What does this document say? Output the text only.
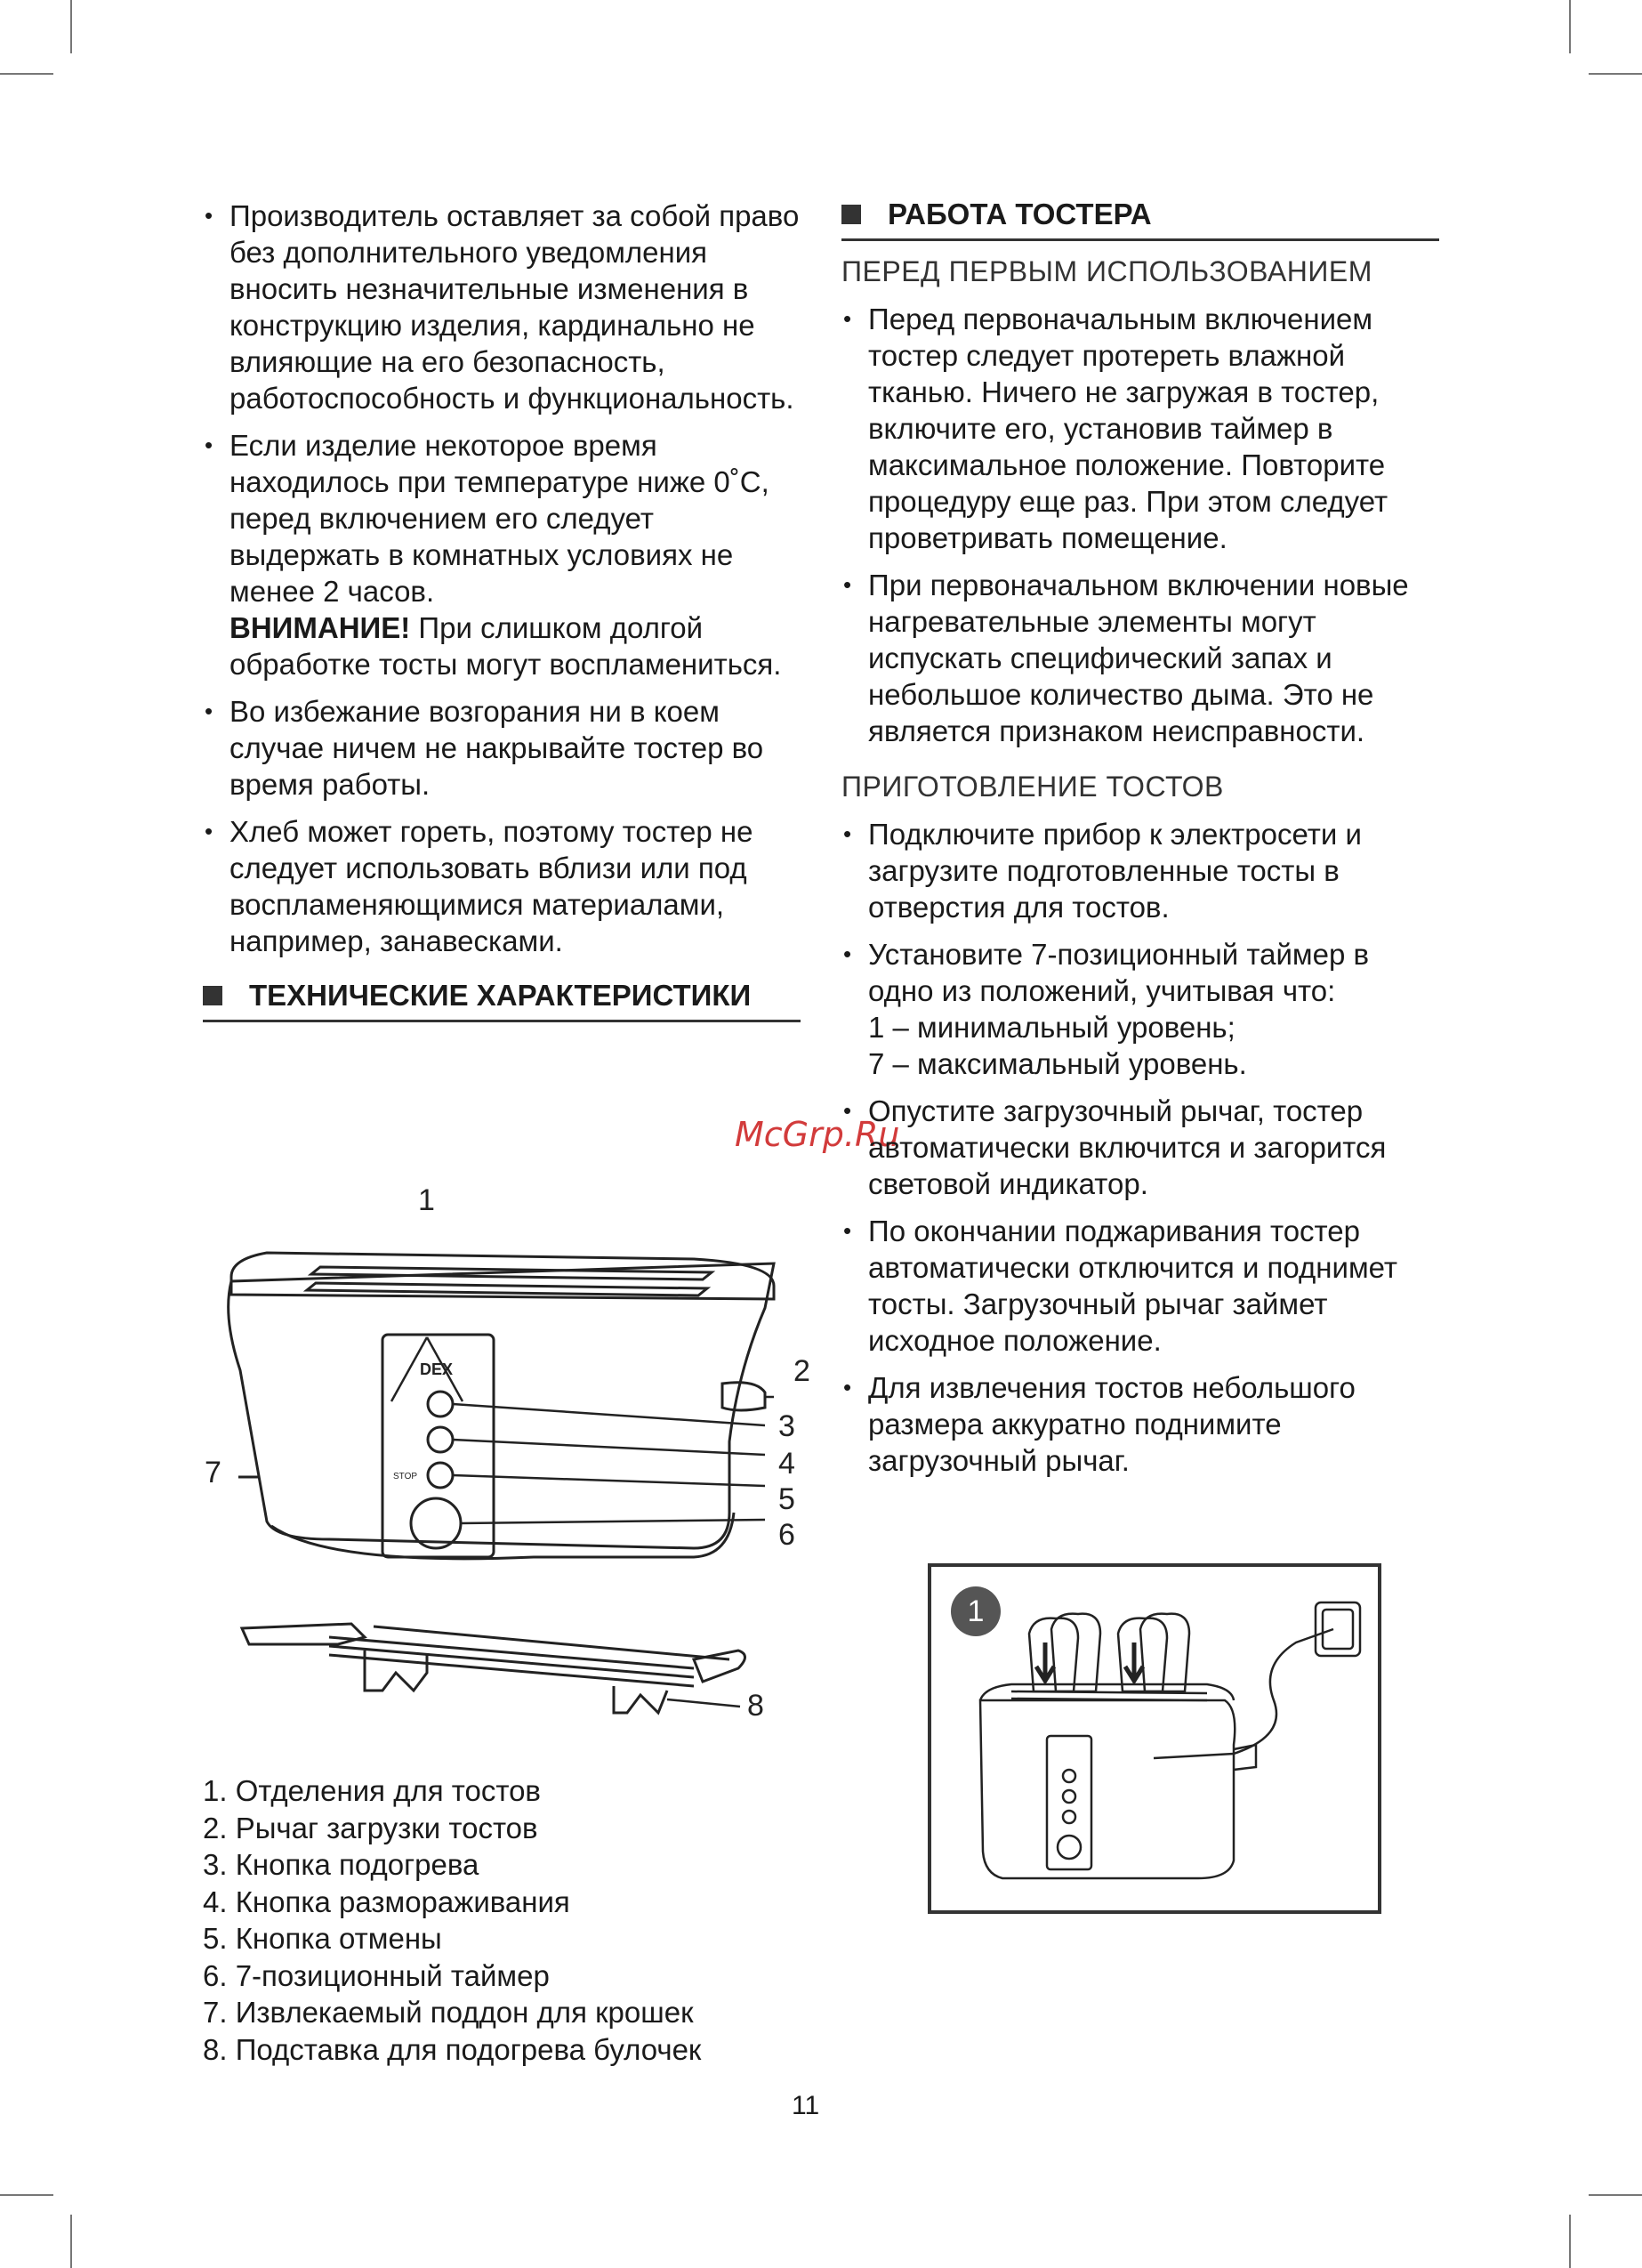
• Производитель оставляет за собой право без дополнительного уведомления вносить незначительные изменения в конструкцию изделия, кардинально не влияющие на его безопасность, работоспособность и функциональность.
• Если изделие некоторое время находилось при температуре ниже 0˚С, перед включением его следует выдержать в комнатных условиях не менее 2 часов.
ВНИМАНИЕ! При слишком долгой обработке тосты могут воспламениться.
• Во избежание возгорания ни в коем случае ничем не накрывайте тостер во время работы.
• Хлеб может гореть, поэтому тостер не следует использовать вблизи или под воспламеняющимися материалами, например, занавесками.
ТЕХНИЧЕСКИЕ ХАРАКТЕРИСТИКИ
McGrp.Ru
DEX
STOP
1
2
3
4
5
6
7
8
1. Отделения для тостов
2. Рычаг загрузки тостов
3. Кнопка подогрева
4. Кнопка размораживания
5. Кнопка отмены
6. 7-позиционный таймер
7. Извлекаемый поддон для крошек
8. Подставка для подогрева булочек
РАБОТА ТОСТЕРА
ПЕРЕД ПЕРВЫМ ИСПОЛЬЗОВАНИЕМ
• Перед первоначальным включением тостер следует протереть влажной тканью. Ничего не загружая в тостер, включите его, установив таймер в максимальное положение. Повторите процедуру еще раз. При этом следует проветривать помещение.
• При первоначальном включении новые нагревательные элементы могут испускать специфический запах и небольшое количество дыма. Это не является признаком неисправности.
ПРИГОТОВЛЕНИЕ ТОСТОВ
• Подключите прибор к электросети и загрузите подготовленные тосты в отверстия для тостов.
• Установите 7-позиционный таймер в одно из положений, учитывая что:
1 – минимальный уровень;
7 – максимальный уровень.
• Опустите загрузочный рычаг, тостер автоматически включится и загорится световой индикатор.
• По окончании поджаривания тостер автоматически отключится и поднимет тосты. Загрузочный рычаг займет исходное положение.
• Для извлечения тостов небольшого размера аккуратно поднимите загрузочный рычаг.
1
11
